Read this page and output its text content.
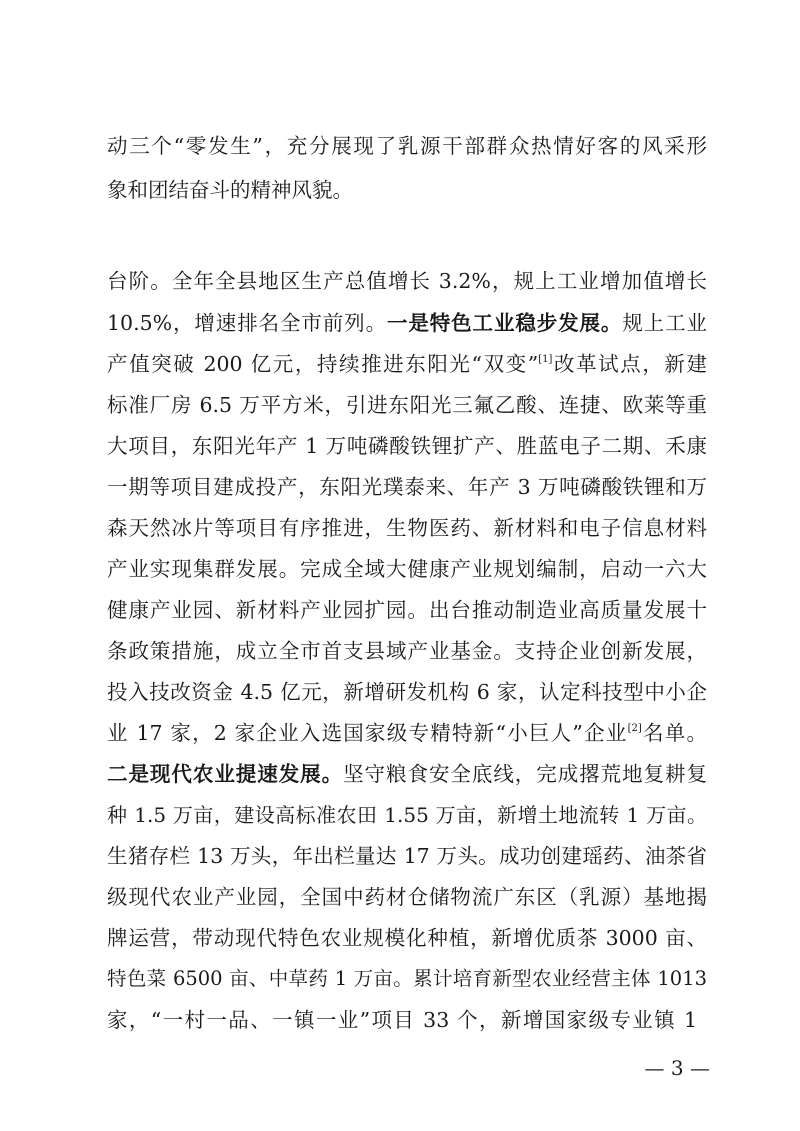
动三个“零发生”，充分展现了乳源干部群众热情好客的风采形
象和团结奋斗的精神风貌。

台阶。全年全县地区生产总值增长 3.2%，规上工业增加值增长
10.5%，增速排名全市前列。一是特色工业稳步发展。规上工业
产值突破 200 亿元，持续推进东阳光“双变”[1]改革试点，新建
标准厂房 6.5 万平方米，引进东阳光三氟乙酸、连捷、欧莱等重
大项目，东阳光年产 1 万吨磷酸铁锂扩产、胜蓝电子二期、禾康
一期等项目建成投产，东阳光璞泰来、年产 3 万吨磷酸铁锂和万
森天然冰片等项目有序推进，生物医药、新材料和电子信息材料
产业实现集群发展。完成全域大健康产业规划编制，启动一六大
健康产业园、新材料产业园扩园。出台推动制造业高质量发展十
条政策措施，成立全市首支县域产业基金。支持企业创新发展，
投入技改资金 4.5 亿元，新增研发机构 6 家，认定科技型中小企
业 17 家，2 家企业入选国家级专精特新“小巨人”企业[2]名单。
二是现代农业提速发展。坚守粮食安全底线，完成撂荒地复耕复
种 1.5 万亩，建设高标准农田 1.55 万亩，新增土地流转 1 万亩。
生猪存栏 13 万头，年出栏量达 17 万头。成功创建瑶药、油茶省
级现代农业产业园，全国中药材仓储物流广东区（乳源）基地揭
牌运营，带动现代特色农业规模化种植，新增优质茶 3000 亩、
特色菜 6500 亩、中草药 1 万亩。累计培育新型农业经营主体 1013
家，“一村一品、一镇一业”项目 33 个，新增国家级专业镇 1
— 3 —
